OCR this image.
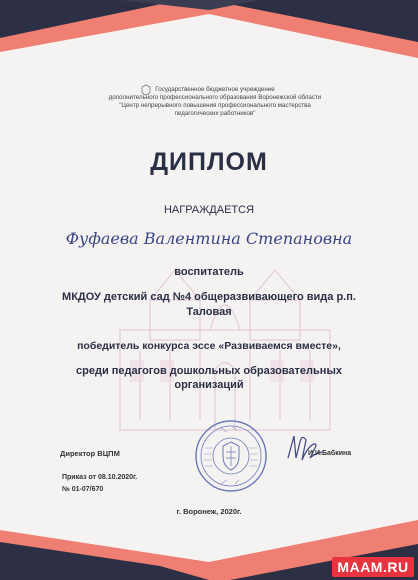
Государственное бюджетное учреждение
дополнительного профессионального образования Воронежской области
"Центр непрерывного повышения профессионального мастерства
педагогических работников"
ДИПЛОМ
НАГРАЖДАЕТСЯ
Фуфаева Валентина Степановна
воспитатель
МКДОУ детский сад №4 общеразвивающего вида р.п.
Таловая
победитель конкурса эссе «Развиваемся вместе»,
среди педагогов дошкольных образовательных
организаций
Директор ВЦПМ	И.И.Бабкина
Приказ от 08.10.2020г.
№ 01-07/670
г. Воронеж, 2020г.
MAAM.RU
